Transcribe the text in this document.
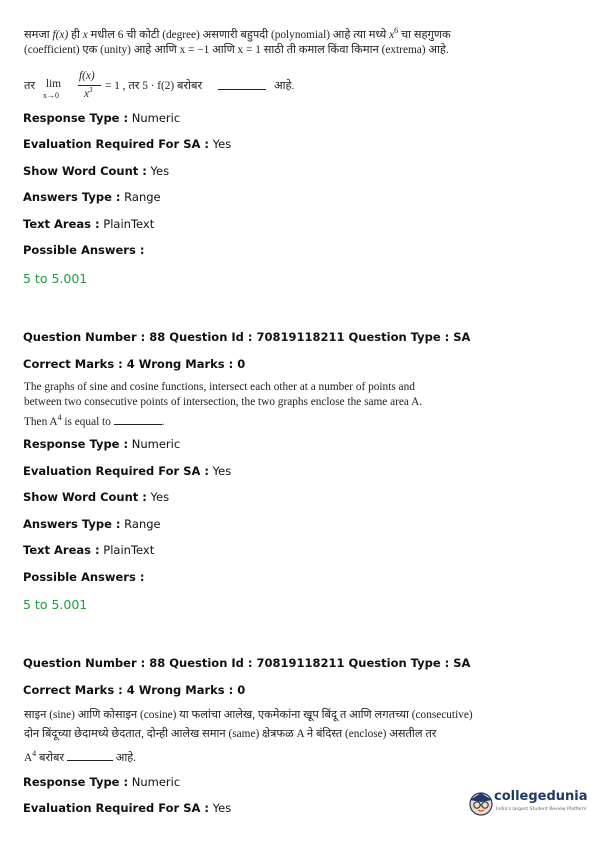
समजा f(x) ही x मधील 6 ची कोटी (degree) असणारी बहुपदी (polynomial) आहे त्या मध्ये $x^6$ चा सहगुणक
(coefficient) एक (unity) आहे आणि x = −1 आणि x = 1 साठी ती कमाल किंवा किमान (extrema) आहे.
तर lim
x→0
f(x)
$x^3 = 1$ , तर 5 · f(2) बरोबर	आहे.
Response Type : Numeric
Evaluation Required For SA : Yes
Show Word Count : Yes
Answers Type : Range
Text Areas : PlainText
Possible Answers :
5 to 5.001
Question Number : 88 Question Id : 70819118211 Question Type : SA
Correct Marks : 4 Wrong Marks : 0
The graphs of sine and cosine functions, intersect each other at a number of points and
between two consecutive points of intersection, the two graphs enclose the same area A.
Then $A^4$ is equal to	.
Response Type : Numeric
Evaluation Required For SA : Yes
Show Word Count : Yes
Answers Type : Range
Text Areas : PlainText
Possible Answers :
5 to 5.001
Question Number : 88 Question Id : 70819118211 Question Type : SA
Correct Marks : 4 Wrong Marks : 0
साइन (sine) आणि कोसाइन (cosine) या फलांचा आलेख, एकमेकांना खूप बिंदू त आणि लगतच्या (consecutive)
दोन बिंदूच्या छेदामध्ये छेदतात, दोन्ही आलेख समान (same) क्षेत्रफळ A ने बंदिस्त (enclose) असतील तर
$A^4$ बरोबर	आहे.
Response Type : Numeric
Evaluation Required For SA : Yes
collegedunia
India's largest Student Review Platform
